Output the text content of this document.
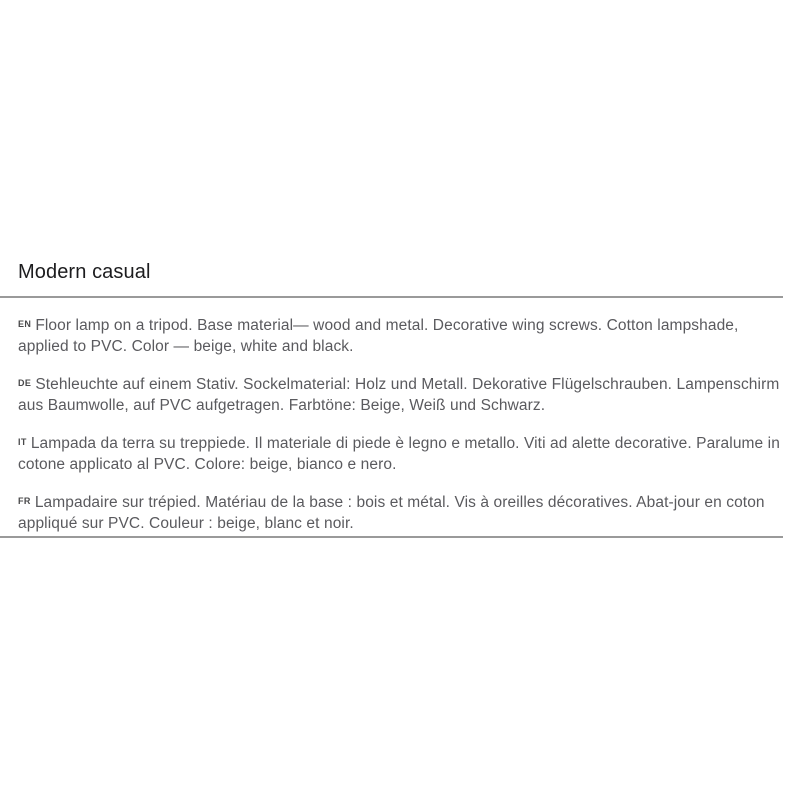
Modern casual

EN Floor lamp on a tripod. Base material— wood and metal. Decorative wing screws. Cotton lampshade, applied to PVC. Color — beige, white and black.

DE Stehleuchte auf einem Stativ. Sockelmaterial: Holz und Metall. Dekorative Flügelschrauben. Lampenschirm aus Baumwolle, auf PVC aufgetragen. Farbtöne: Beige, Weiß und Schwarz.

IT Lampada da terra su treppiede. Il materiale di piede è legno e metallo. Viti ad alette decorative. Paralume in cotone applicato al PVC. Colore: beige, bianco e nero.

FR Lampadaire sur trépied. Matériau de la base : bois et métal. Vis à oreilles décoratives. Abat-jour en coton appliqué sur PVC. Couleur : beige, blanc et noir.
